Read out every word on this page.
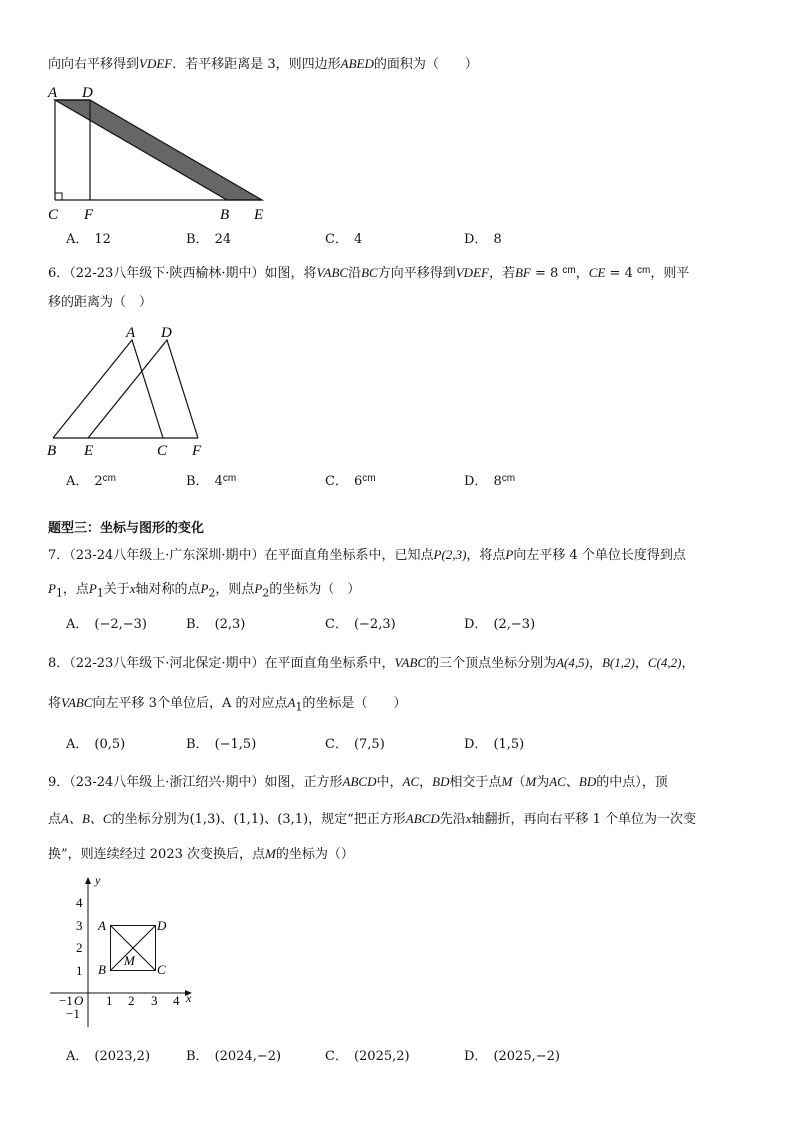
向向右平移得到VDEF．若平移距离是 3，则四边形ABED的面积为（　　）
A D
C F	B E
A． 12	B． 24	C． 4	D． 8
6．（22-23八年级下·陕西榆林·期中）如图，将VABC沿BC方向平移得到VDEF，若BF = 8 $^{cm}$，CE = 4 $^{cm}$，则平
移的距离为（　）
A D
B E	C F
A． $2^{cm}$	B． $4^{cm}$	C． $6^{cm}$	D． $8^{cm}$
题型三：坐标与图形的变化
7．（23-24八年级上·广东深圳·期中）在平面直角坐标系中，已知点P(2,3)，将点P向左平移 4 个单位长度得到点
$P_1$，点$P_1$关于x轴对称的点$P_2$，则点$P_2$的坐标为（　）
A． (−2,−3)	B． (2,3)	C． (−2,3)	D． (2,−3)
8．（22-23八年级下·河北保定·期中）在平面直角坐标系中，VABC的三个顶点坐标分别为A(4,5)，B(1,2)，C(4,2)，
将VABC向左平移 3个单位后，A 的对应点$A_1$的坐标是（　　）
A． (0,5)	B． (−1,5)	C． (7,5)	D． (1,5)
9．（23-24八年级上·浙江绍兴·期中）如图，正方形ABCD中，AC，BD相交于点M（M为AC、BD的中点），顶
点A、B、C的坐标分别为(1,3)、(1,1)、(3,1)，规定“把正方形ABCD先沿x轴翻折，再向右平移 1 个单位为一次变
换”，则连续经过 2023 次变换后，点M的坐标为（）
y
x
4
3
2
1
−1
−1 O 1 2 3 4
A	D
B	C
M
A． (2023,2)	B． (2024,−2)	C． (2025,2)	D． (2025,−2)
